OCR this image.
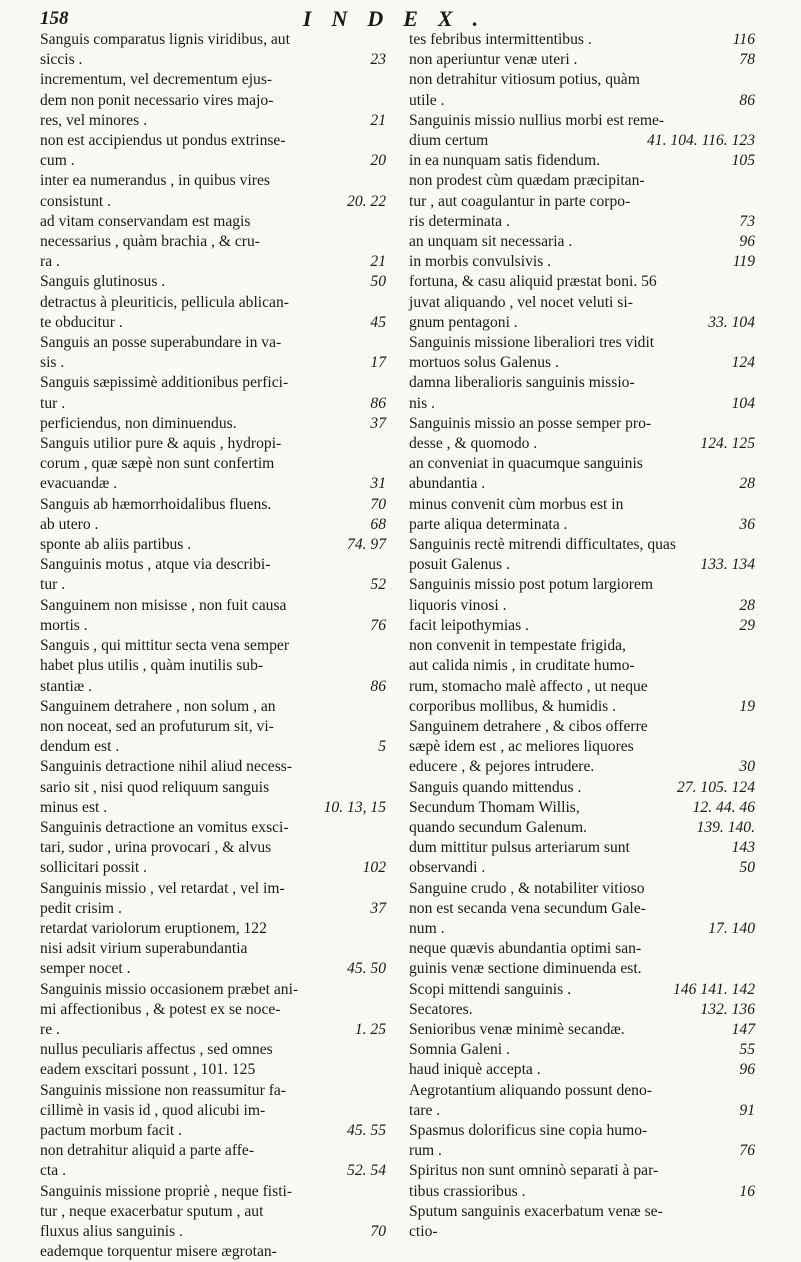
158	INDEX.
Sanguis comparatus lignis viridibus, aut
23
siccis .
incrementum, vel decrementum ejus-
dem non ponit necessario vires majo-
21
res, vel minores .
non est accipiendus ut pondus extrinse-
20
cum .
inter ea numerandus , in quibus vires
20. 22
consistunt .
ad vitam conservandam est magis
necessarius , quàm brachia , & cru-
21
ra .
50
Sanguis glutinosus .
detractus à pleuriticis, pellicula ablican-
45
te obducitur .
Sanguis an posse superabundare in va-
17
sis .
Sanguis sæpissimè additionibus perfici-
86
tur .
37
perficiendus, non diminuendus.
Sanguis utilior pure & aquis , hydropi-
corum , quæ sæpè non sunt confertim
31
evacuandæ .
70
Sanguis ab hæmorrhoidalibus fluens.
68
ab utero .
74. 97
sponte ab aliis partibus .
Sanguinis motus , atque via describi-
52
tur .
Sanguinem non misisse , non fuit causa
76
mortis .
Sanguis , qui mittitur secta vena semper
habet plus utilis , quàm inutilis sub-
86
stantiæ .
Sanguinem detrahere , non solum , an
non noceat, sed an profuturum sit, vi-
5
dendum est .
Sanguinis detractione nihil aliud necess-
sario sit , nisi quod reliquum sanguis
10. 13, 15
minus est .
Sanguinis detractione an vomitus exsci-
tari, sudor , urina provocari , & alvus
102
sollicitari possit .
Sanguinis missio , vel retardat , vel im-
37
pedit crisim .
retardat variolorum eruptionem, 122
nisi adsit virium superabundantia
45. 50
semper nocet .
Sanguinis missio occasionem præbet ani-
mi affectionibus , & potest ex se noce-
1. 25
re .
nullus peculiaris affectus , sed omnes
eadem exscitari possunt , 101. 125
Sanguinis missione non reassumitur fa-
cillimè in vasis id , quod alicubi im-
45. 55
pactum morbum facit .
non detrahitur aliquid a parte affe-
52. 54
cta .
Sanguinis missione propriè , neque fisti-
tur , neque exacerbatur sputum , aut
70
fluxus alius sanguinis .
eademque torquentur misere ægrotan-
116
tes febribus intermittentibus .
78
non aperiuntur venæ uteri .
non detrahitur vitiosum potius, quàm
86
utile .
Sanguinis missio nullius morbi est reme-
41. 104. 116. 123
dium certum
105
in ea nunquam satis fidendum.
non prodest cùm quædam præcipitan-
tur , aut coagulantur in parte corpo-
73
ris determinata .
96
an unquam sit necessaria .
119
in morbis convulsivis .
fortuna, & casu aliquid præstat boni. 56
juvat aliquando , vel nocet veluti si-
33. 104
gnum pentagoni .
Sanguinis missione liberaliori tres vidit
124
mortuos solus Galenus .
damna liberalioris sanguinis missio-
104
nis .
Sanguinis missio an posse semper pro-
124. 125
desse , & quomodo .
an conveniat in quacumque sanguinis
28
abundantia .
minus convenit cùm morbus est in
36
parte aliqua determinata .
Sanguinis rectè mitrendi difficultates, quas
133. 134
posuit Galenus .
Sanguinis missio post potum largiorem
28
liquoris vinosi .
29
facit leipothymias .
non convenit in tempestate frigida,
aut calida nimis , in cruditate humo-
rum, stomacho malè affecto , ut neque
19
corporibus mollibus, & humidis .
Sanguinem detrahere , & cibos offerre
sæpè idem est , ac meliores liquores
30
educere , & pejores intrudere.
27. 105. 124
Sanguis quando mittendus .
12. 44. 46
Secundum Thomam Willis,
139. 140.
quando secundum Galenum.
143
dum mittitur pulsus arteriarum sunt
50
observandi .
Sanguine crudo , & notabiliter vitioso
non est secanda vena secundum Gale-
17. 140
num .
neque quævis abundantia optimi san-
guinis venæ sectione diminuenda est.
141. 142
146
Scopi mittendi sanguinis .
132. 136
Secatores.
147
Senioribus venæ minimè secandæ.
55
Somnia Galeni .
96
haud iniquè accepta .
Aegrotantium aliquando possunt deno-
91
tare .
Spasmus dolorificus sine copia humo-
76
rum .
Spiritus non sunt omninò separati à par-
16
tibus crassioribus .
Sputum sanguinis exacerbatum venæ se-
ctio-
